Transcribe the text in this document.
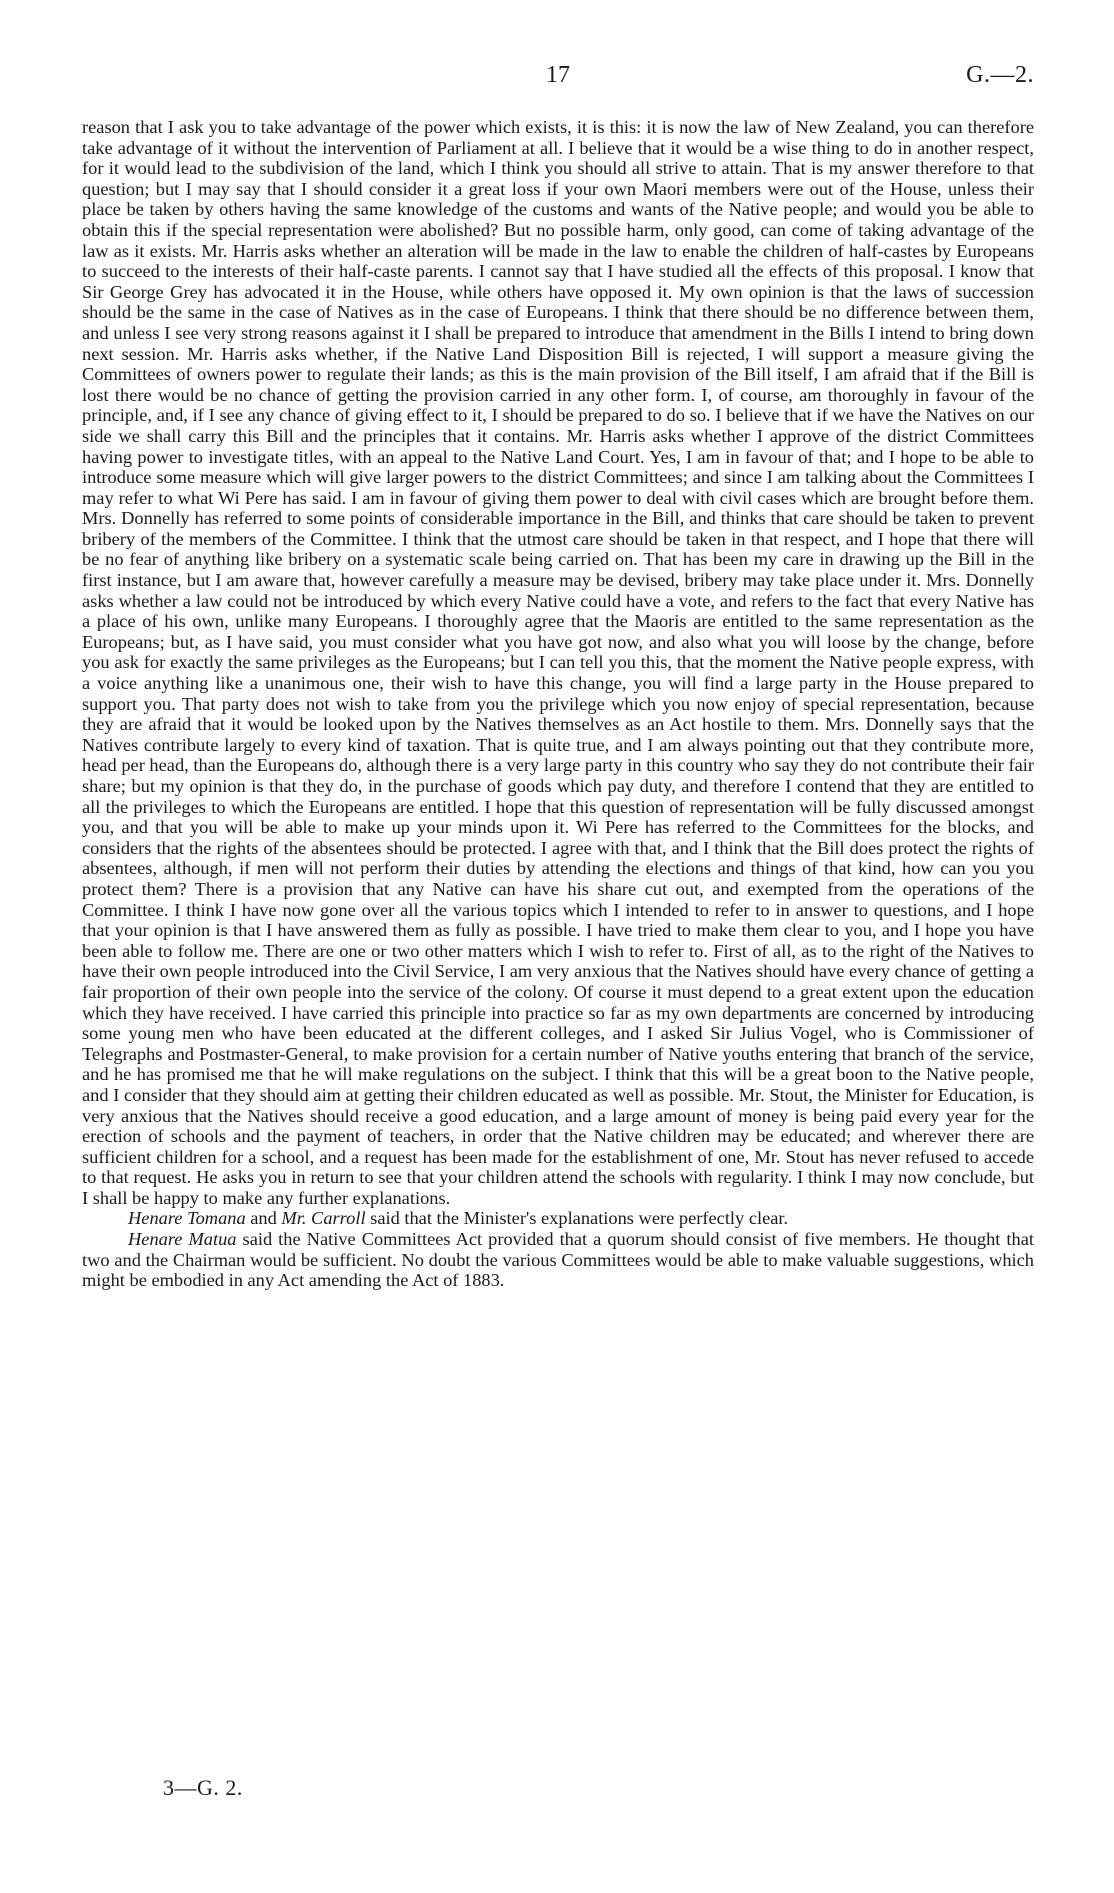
17	G.—2.

reason that I ask you to take advantage of the power which exists, it is this: it is now the law of New Zealand, you can therefore take advantage of it without the intervention of Parliament at all. I believe that it would be a wise thing to do in another respect, for it would lead to the subdivision of the land, which I think you should all strive to attain. That is my answer therefore to that question; but I may say that I should consider it a great loss if your own Maori members were out of the House, unless their place be taken by others having the same knowledge of the customs and wants of the Native people; and would you be able to obtain this if the special representation were abolished? But no possible harm, only good, can come of taking advantage of the law as it exists. Mr. Harris asks whether an alteration will be made in the law to enable the children of half-castes by Europeans to succeed to the interests of their half-caste parents. I cannot say that I have studied all the effects of this proposal. I know that Sir George Grey has advocated it in the House, while others have opposed it. My own opinion is that the laws of succession should be the same in the case of Natives as in the case of Europeans. I think that there should be no difference between them, and unless I see very strong reasons against it I shall be prepared to introduce that amendment in the Bills I intend to bring down next session. Mr. Harris asks whether, if the Native Land Disposition Bill is rejected, I will support a measure giving the Committees of owners power to regulate their lands; as this is the main provision of the Bill itself, I am afraid that if the Bill is lost there would be no chance of getting the provision carried in any other form. I, of course, am thoroughly in favour of the principle, and, if I see any chance of giving effect to it, I should be prepared to do so. I believe that if we have the Natives on our side we shall carry this Bill and the principles that it contains. Mr. Harris asks whether I approve of the district Committees having power to investigate titles, with an appeal to the Native Land Court. Yes, I am in favour of that; and I hope to be able to introduce some measure which will give larger powers to the district Committees; and since I am talking about the Committees I may refer to what Wi Pere has said. I am in favour of giving them power to deal with civil cases which are brought before them. Mrs. Donnelly has referred to some points of considerable importance in the Bill, and thinks that care should be taken to prevent bribery of the members of the Committee. I think that the utmost care should be taken in that respect, and I hope that there will be no fear of anything like bribery on a systematic scale being carried on. That has been my care in drawing up the Bill in the first instance, but I am aware that, however carefully a measure may be devised, bribery may take place under it. Mrs. Donnelly asks whether a law could not be introduced by which every Native could have a vote, and refers to the fact that every Native has a place of his own, unlike many Europeans. I thoroughly agree that the Maoris are entitled to the same representation as the Europeans; but, as I have said, you must consider what you have got now, and also what you will loose by the change, before you ask for exactly the same privileges as the Europeans; but I can tell you this, that the moment the Native people express, with a voice anything like a unanimous one, their wish to have this change, you will find a large party in the House prepared to support you. That party does not wish to take from you the privilege which you now enjoy of special representation, because they are afraid that it would be looked upon by the Natives themselves as an Act hostile to them. Mrs. Donnelly says that the Natives contribute largely to every kind of taxation. That is quite true, and I am always pointing out that they contribute more, head per head, than the Europeans do, although there is a very large party in this country who say they do not contribute their fair share; but my opinion is that they do, in the purchase of goods which pay duty, and therefore I contend that they are entitled to all the privileges to which the Europeans are entitled. I hope that this question of representation will be fully discussed amongst you, and that you will be able to make up your minds upon it. Wi Pere has referred to the Committees for the blocks, and considers that the rights of the absentees should be protected. I agree with that, and I think that the Bill does protect the rights of absentees, although, if men will not perform their duties by attending the elections and things of that kind, how can you you protect them? There is a provision that any Native can have his share cut out, and exempted from the operations of the Committee. I think I have now gone over all the various topics which I intended to refer to in answer to questions, and I hope that your opinion is that I have answered them as fully as possible. I have tried to make them clear to you, and I hope you have been able to follow me. There are one or two other matters which I wish to refer to. First of all, as to the right of the Natives to have their own people introduced into the Civil Service, I am very anxious that the Natives should have every chance of getting a fair proportion of their own people into the service of the colony. Of course it must depend to a great extent upon the education which they have received. I have carried this principle into practice so far as my own departments are concerned by introducing some young men who have been educated at the different colleges, and I asked Sir Julius Vogel, who is Commissioner of Telegraphs and Postmaster-General, to make provision for a certain number of Native youths entering that branch of the service, and he has promised me that he will make regulations on the subject. I think that this will be a great boon to the Native people, and I consider that they should aim at getting their children educated as well as possible. Mr. Stout, the Minister for Education, is very anxious that the Natives should receive a good education, and a large amount of money is being paid every year for the erection of schools and the payment of teachers, in order that the Native children may be educated; and wherever there are sufficient children for a school, and a request has been made for the establishment of one, Mr. Stout has never refused to accede to that request. He asks you in return to see that your children attend the schools with regularity. I think I may now conclude, but I shall be happy to make any further explanations.

Henare Tomana and Mr. Carroll said that the Minister's explanations were perfectly clear.

Henare Matua said the Native Committees Act provided that a quorum should consist of five members. He thought that two and the Chairman would be sufficient. No doubt the various Committees would be able to make valuable suggestions, which might be embodied in any Act amending the Act of 1883.

3—G. 2.
